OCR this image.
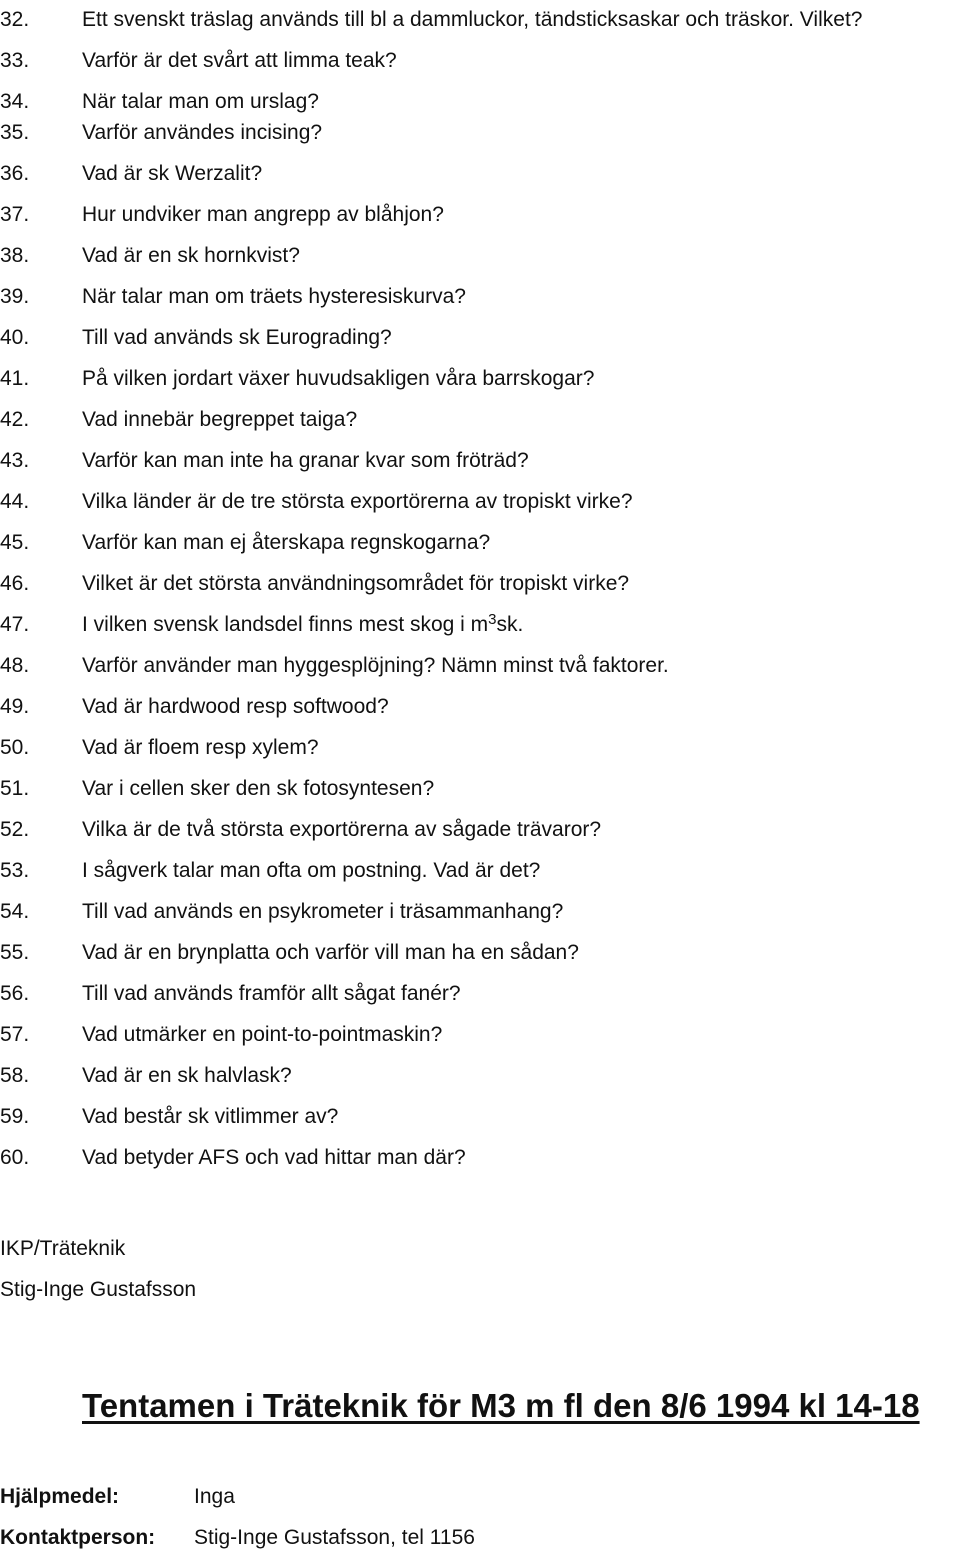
32.	Ett svenskt träslag används till bl a dammluckor, tändsticksaskar och träskor. Vilket?
33.	Varför är det svårt att limma teak?
34.	När talar man om urslag?
35.	Varför användes incising?
36.	Vad är sk Werzalit?
37.	Hur undviker man angrepp av blåhjon?
38.	Vad är en sk hornkvist?
39.	När talar man om träets hysteresiskurva?
40.	Till vad används sk Eurograding?
41.	På vilken jordart växer huvudsakligen våra barrskogar?
42.	Vad innebär begreppet taiga?
43.	Varför kan man inte ha granar kvar som fröträd?
44.	Vilka länder är de tre största exportörerna av tropiskt virke?
45.	Varför kan man ej återskapa regnskogarna?
46.	Vilket är det största användningsområdet för tropiskt virke?
47.	I vilken svensk landsdel finns mest skog i $m^3sk$.
48.	Varför använder man hyggesplöjning? Nämn minst två faktorer.
49.	Vad är hardwood resp softwood?
50.	Vad är floem resp xylem?
51.	Var i cellen sker den sk fotosyntesen?
52.	Vilka är de två största exportörerna av sågade trävaror?
53.	I sågverk talar man ofta om postning. Vad är det?
54.	Till vad används en psykrometer i träsammanhang?
55.	Vad är en brynplatta och varför vill man ha en sådan?
56.	Till vad används framför allt sågat fanér?
57.	Vad utmärker en point-to-pointmaskin?
58.	Vad är en sk halvlask?
59.	Vad består sk vitlimmer av?
60.	Vad betyder AFS och vad hittar man där?
IKP/Träteknik
Stig-Inge Gustafsson
Tentamen i Träteknik för M3 m fl den 8/6 1994 kl 14-18
Hjälpmedel:	Inga
Kontaktperson: Stig-Inge Gustafsson, tel 1156
